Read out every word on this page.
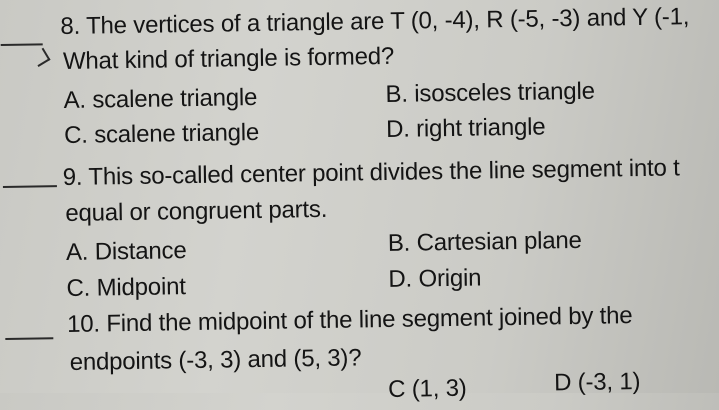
8. The vertices of a triangle are T (0, -4), R (-5, -3) and Y (-1,
What kind of triangle is formed?
A. scalene triangle	B. isosceles triangle
C. scalene triangle	D. right triangle
9. This so-called center point divides the line segment into t
equal or congruent parts.
A. Distance	B. Cartesian plane
C. Midpoint	D. Origin
10. Find the midpoint of the line segment joined by the
endpoints (-3, 3) and (5, 3)?
C (1, 3)	D (-3, 1)
